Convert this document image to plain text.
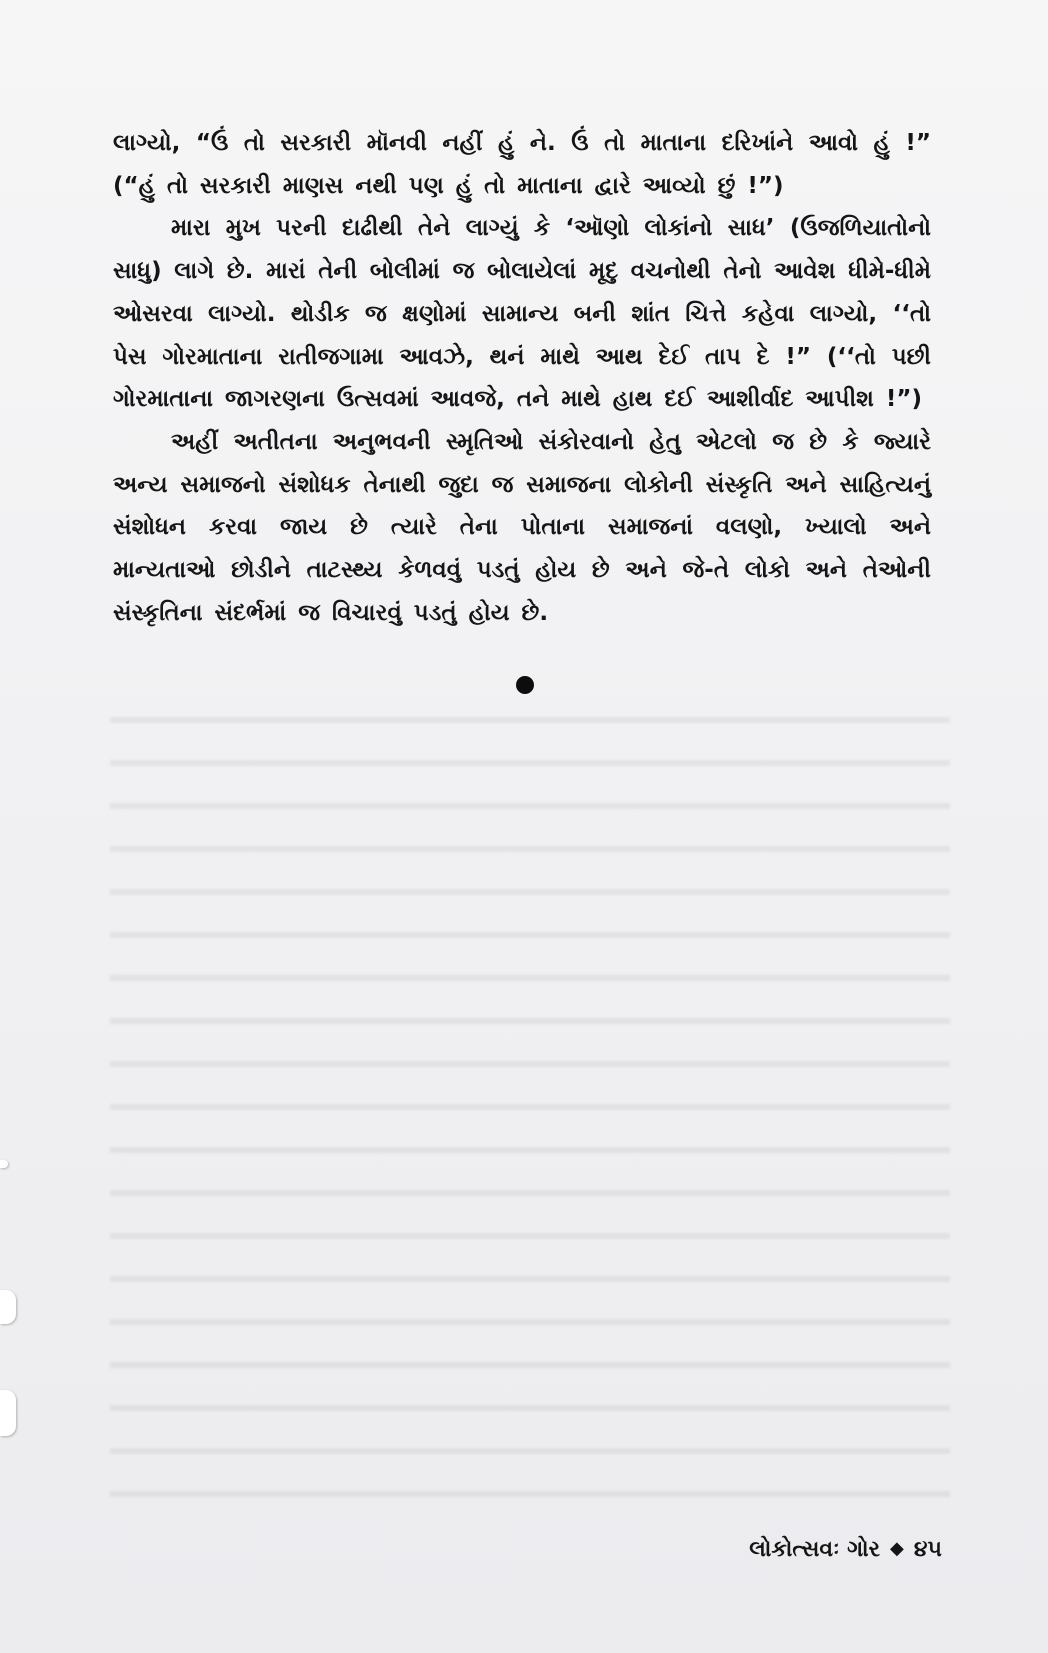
લાગ્યો, “ઉં તો સરકારી મૉનવી નહીં હું ને. ઉં તો માતાના દરિખાંને આવો હું !” (“હું તો સરકારી માણસ નથી પણ હું તો માતાના દ્વારે આવ્યો છું !”)

મારા મુખ પરની દાઢીથી તેને લાગ્યું કે ‘ઑણો લોકાંનો સાધ’ (ઉજળિયાતોનો સાધુ) લાગે છે. મારાં તેની બોલીમાં જ બોલાયેલાં મૃદુ વચનોથી તેનો આવેશ ધીમે-ધીમે ઓસરવા લાગ્યો. થોડીક જ ક્ષણોમાં સામાન્ય બની શાંત ચિત્તે કહેવા લાગ્યો, ‘‘તો પેસ ગોરમાતાના રાતીજગામા આવઝે, થનં માથે આથ દેઈ તાપ દે !” (‘‘તો પછી ગોરમાતાના જાગરણના ઉત્સવમાં આવજે, તને માથે હાથ દઈ આશીર્વાદ આપીશ !”)

અહીં અતીતના અનુભવની સ્મૃતિઓ સંકોરવાનો હેતુ એટલો જ છે કે જ્યારે અન્ય સમાજનો સંશોધક તેનાથી જુદા જ સમાજના લોકોની સંસ્કૃતિ અને સાહિત્યનું સંશોધન કરવા જાય છે ત્યારે તેના પોતાના સમાજનાં વલણો, ખ્યાલો અને માન્યતાઓ છોડીને તાટસ્થ્ય કેળવવું પડતું હોય છે અને જે-તે લોકો અને તેઓની સંસ્કૃતિના સંદર્ભમાં જ વિચારવું પડતું હોય છે.

લોકોત્સવઃ ગોર ◆ ૪૫
